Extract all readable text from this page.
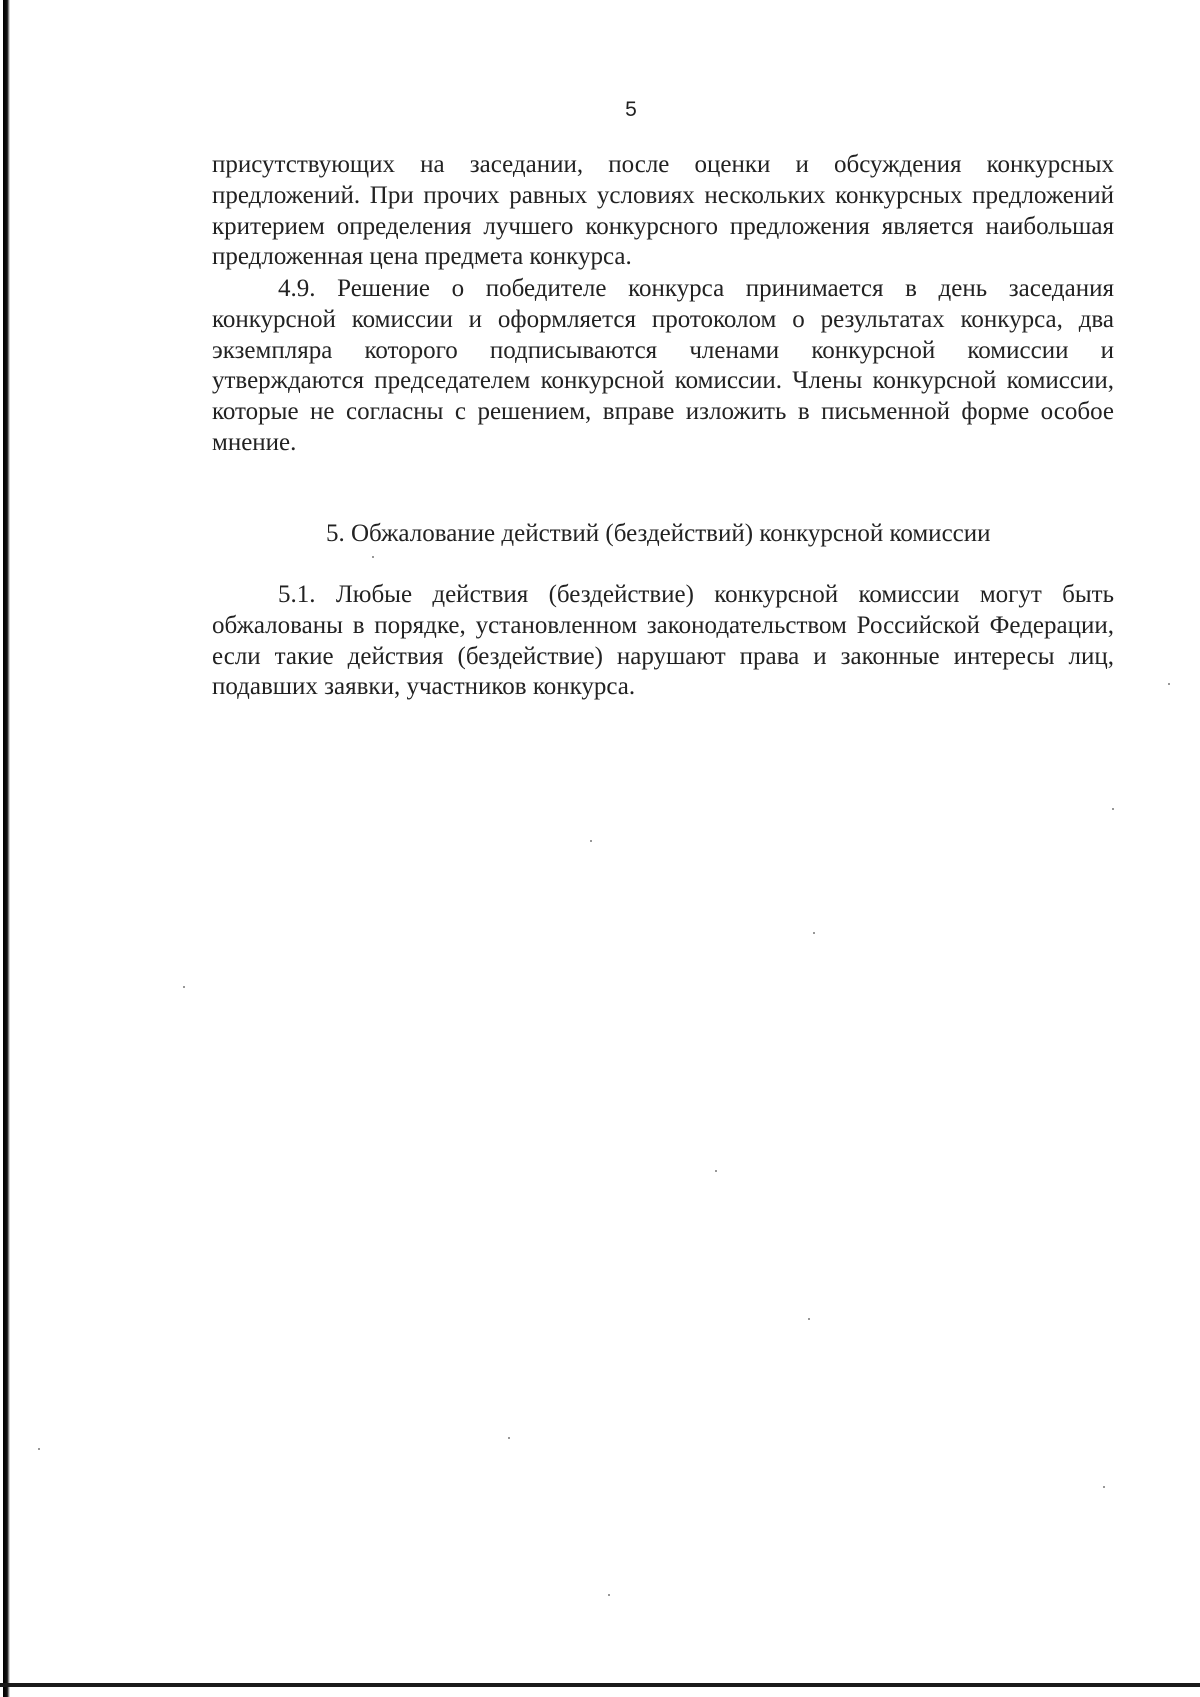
5

присутствующих на заседании, после оценки и обсуждения конкурсных предложений. При прочих равных условиях нескольких конкурсных предложений критерием определения лучшего конкурсного предложения является наибольшая предложенная цена предмета конкурса.

4.9. Решение о победителе конкурса принимается в день заседания конкурсной комиссии и оформляется протоколом о результатах конкурса, два экземпляра которого подписываются членами конкурсной комиссии и утверждаются председателем конкурсной комиссии. Члены конкурсной комиссии, которые не согласны с решением, вправе изложить в письменной форме особое мнение.

5. Обжалование действий (бездействий) конкурсной комиссии

5.1. Любые действия (бездействие) конкурсной комиссии могут быть обжалованы в порядке, установленном законодательством Российской Федерации, если такие действия (бездействие) нарушают права и законные интересы лиц, подавших заявки, участников конкурса.
